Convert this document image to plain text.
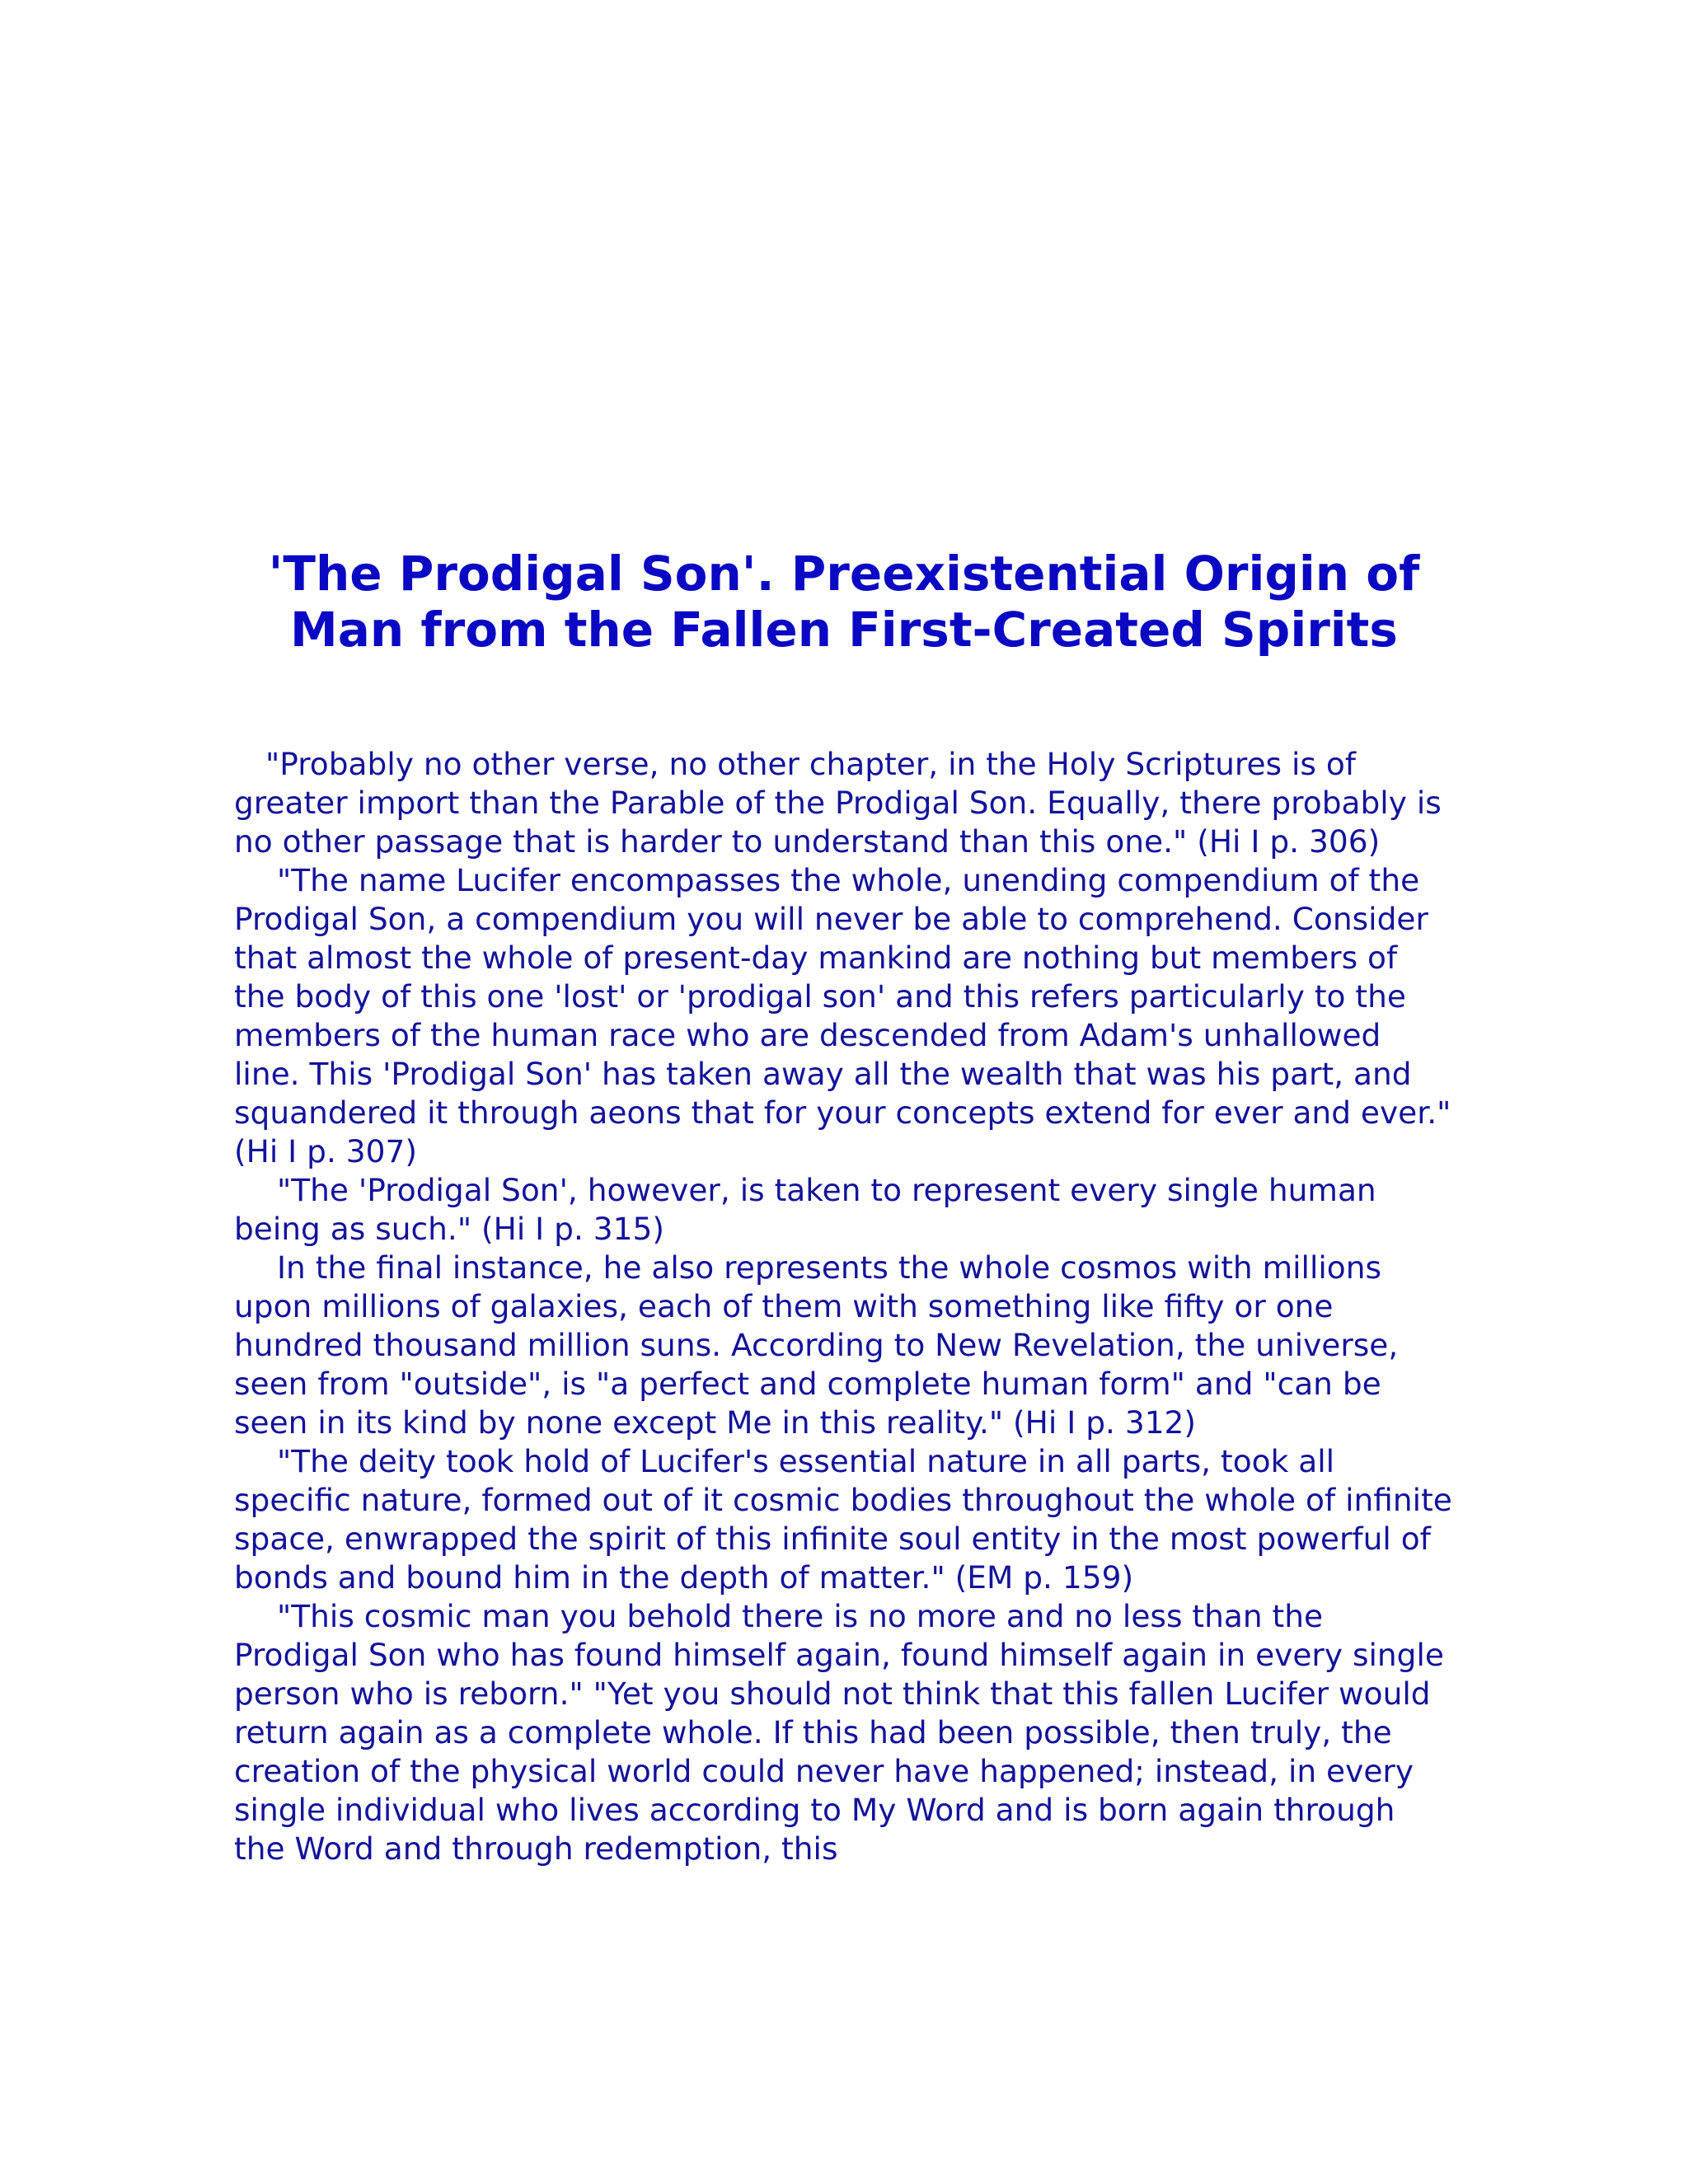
'The Prodigal Son'. Preexistential Origin of
Man from the Fallen First-Created Spirits

"Probably no other verse, no other chapter, in the Holy Scriptures is of greater import than the Parable of the Prodigal Son. Equally, there probably is no other passage that is harder to understand than this one." (Hi I p. 306)

"The name Lucifer encompasses the whole, unending compendium of the Prodigal Son, a compendium you will never be able to comprehend. Consider that almost the whole of present-day mankind are nothing but members of the body of this one 'lost' or 'prodigal son' and this refers particularly to the members of the human race who are descended from Adam's unhallowed line. This 'Prodigal Son' has taken away all the wealth that was his part, and squandered it through aeons that for your concepts extend for ever and ever." (Hi I p. 307)

"The 'Prodigal Son', however, is taken to represent every single human being as such." (Hi I p. 315)

In the final instance, he also represents the whole cosmos with millions upon millions of galaxies, each of them with something like fifty or one hundred thousand million suns. According to New Revelation, the universe, seen from "outside", is "a perfect and complete human form" and "can be seen in its kind by none except Me in this reality." (Hi I p. 312)

"The deity took hold of Lucifer's essential nature in all parts, took all specific nature, formed out of it cosmic bodies throughout the whole of infinite space, enwrapped the spirit of this infinite soul entity in the most powerful of bonds and bound him in the depth of matter." (EM p. 159)

"This cosmic man you behold there is no more and no less than the Prodigal Son who has found himself again, found himself again in every single person who is reborn." "Yet you should not think that this fallen Lucifer would return again as a complete whole. If this had been possible, then truly, the creation of the physical world could never have happened; instead, in every single individual who lives according to My Word and is born again through the Word and through redemption, this
